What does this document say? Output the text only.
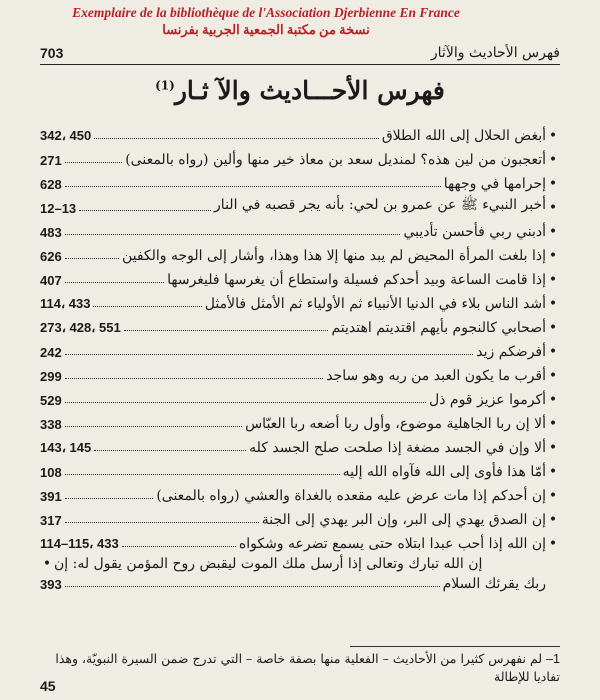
Exemplaire de la bibliothèque de l'Association Djerbienne En France
نسخة من مكتبة الجمعية الجربية بفرنسا
703	فهرس الأحاديث والآثار
فهرس الأحـــاديث والآ ثـار$^{(1)}$
•
أبغض الحلال إلى الله الطلاق
342، 450
•
أتعجبون من لين هذه؟ لمنديل سعد بن معاذ خير منها وألين (رواه بالمعنى)
271
•
إحرامها في وجهها
628
•
أخبر النبيء ﷺ عن عمرو بن لحي: بأنه يجر قصبه في النار
12–13
•
أدبني ربي فأحسن تأديبي
483
•
إذا بلغت المرأة المحيض لم يبد منها إلا هذا وهذا، وأشار إلى الوجه والكفين
626
•
إذا قامت الساعة وبيد أحدكم فسيلة واستطاع أن يغرسها فليغرسها
407
•
أشد الناس بلاء في الدنيا الأنبياء ثم الأولياء ثم الأمثل فالأمثل
114، 433
•
أصحابي كالنجوم بأيهم اقتديتم اهتديتم
273، 428، 551
•
أفرضكم زيد
242
•
أقرب ما يكون العبد من ربه وهو ساجد
299
•
أكرموا عزيز قوم ذل
529
•
ألا إن ربا الجاهلية موضوع، وأول ربا أضعه ربا العبّاس
338
•
ألا وإن في الجسد مضغة إذا صلحت صلح الجسد كله
143، 145
•
أمّا هذا فأوى إلى الله فآواه الله إليه
108
•
إن أحدكم إذا مات عرض عليه مقعده بالغداة والعشي (رواه بالمعنى)
391
•
إن الصدق يهدي إلى البر، وإن البر يهدي إلى الجنة
317
•
إن الله إذا أحب عبدا ابتلاه حتى يسمع تضرعه وشكواه
114–115، 433
• إن الله تبارك وتعالى إذا أرسل ملك الموت ليقبض روح المؤمن يقول له: إن
ربك يقرئك السلام
393
1– لم نفهرس كثيرا من الأحاديث – الفعلية منها بصفة خاصة – التي تدرج ضمن السيرة النبويّة، وهذا تفاديا للإطالة
45
